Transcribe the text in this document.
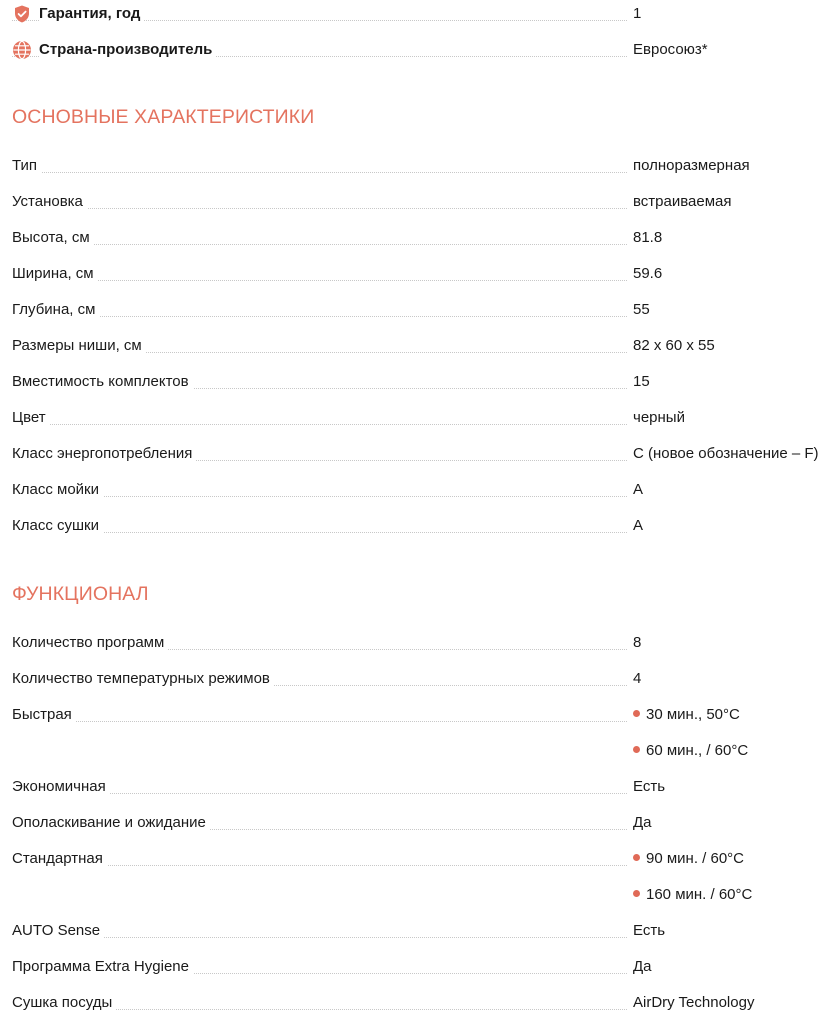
Гарантия, год	1
Страна-производитель	Евросоюз*
ОСНОВНЫЕ ХАРАКТЕРИСТИКИ
Тип	полноразмерная
Установка	встраиваемая
Высота, см	81.8
Ширина, см	59.6
Глубина, см	55
Размеры ниши, см	82 x 60 x 55
Вместимость комплектов	15
Цвет	черный
Класс энергопотребления	C (новое обозначение – F)
Класс мойки	A
Класс сушки	A
ФУНКЦИОНАЛ
Количество программ	8
Количество температурных режимов	4
Быстрая	30 мин., 50°C
60 мин., / 60°C
Экономичная	Есть
Ополаскивание и ожидание	Да
Стандартная	90 мин. / 60°C
160 мин. / 60°C
AUTO Sense	Есть
Программа Extra Hygiene	Да
Сушка посуды	AirDry Technology
